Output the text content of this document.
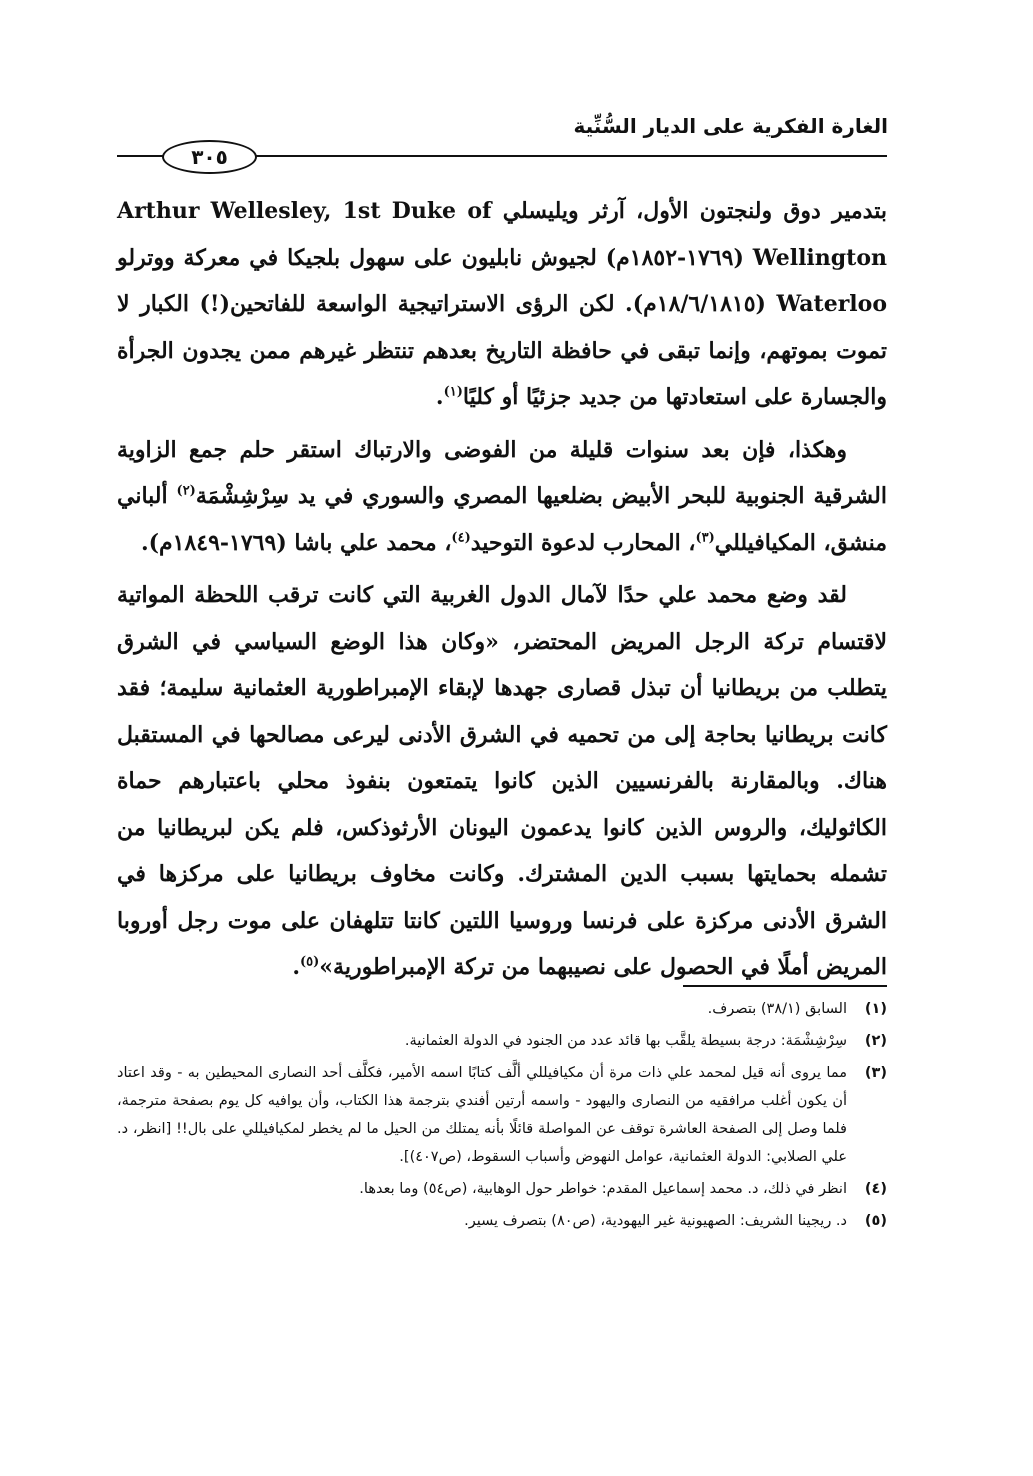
الغارة الفكرية على الديار السُّنِّية
٣٠٥

بتدمير دوق ولنجتون الأول، آرثر ويليسلي Arthur Wellesley, 1st Duke of Wellington (١٧٦٩-١٨٥٢م) لجيوش نابليون على سهول بلجيكا في معركة ووترلو Waterloo (١٨/٦/١٨١٥م). لكن الرؤى الاستراتيجية الواسعة للفاتحين(!) الكبار لا تموت بموتهم، وإنما تبقى في حافظة التاريخ بعدهم تنتظر غيرهم ممن يجدون الجرأة والجسارة على استعادتها من جديد جزئيًا أو كليًا$^{(١)}$.

وهكذا، فإن بعد سنوات قليلة من الفوضى والارتباك استقر حلم جمع الزاوية الشرقية الجنوبية للبحر الأبيض بضلعيها المصري والسوري في يد سِرْشِشْمَة$^{(٢)}$ ألباني منشق، المكيافيللي$^{(٣)}$، المحارب لدعوة التوحيد$^{(٤)}$، محمد علي باشا (١٧٦٩-١٨٤٩م).

لقد وضع محمد علي حدًا لآمال الدول الغربية التي كانت ترقب اللحظة المواتية لاقتسام تركة الرجل المريض المحتضر، «وكان هذا الوضع السياسي في الشرق يتطلب من بريطانيا أن تبذل قصارى جهدها لإبقاء الإمبراطورية العثمانية سليمة؛ فقد كانت بريطانيا بحاجة إلى من تحميه في الشرق الأدنى ليرعى مصالحها في المستقبل هناك. وبالمقارنة بالفرنسيين الذين كانوا يتمتعون بنفوذ محلي باعتبارهم حماة الكاثوليك، والروس الذين كانوا يدعمون اليونان الأرثوذكس، فلم يكن لبريطانيا من تشمله بحمايتها بسبب الدين المشترك. وكانت مخاوف بريطانيا على مركزها في الشرق الأدنى مركزة على فرنسا وروسيا اللتين كانتا تتلهفان على موت رجل أوروبا المريض أملًا في الحصول على نصيبهما من تركة الإمبراطورية»$^{(٥)}$.

(١)
السابق (٣٨/١) بتصرف.
(٢)
سِرْشِشْمَة: درجة بسيطة يلقَّب بها قائد عدد من الجنود في الدولة العثمانية.
(٣)
مما يروى أنه قيل لمحمد علي ذات مرة أن مكيافيللي ألَّف كتابًا اسمه الأمير، فكلَّف أحد النصارى المحيطين به - وقد اعتاد أن يكون أغلب مرافقيه من النصارى واليهود - واسمه أرتين أفندي بترجمة هذا الكتاب، وأن يوافيه كل يوم بصفحة مترجمة، فلما وصل إلى الصفحة العاشرة توقف عن المواصلة قائلًا بأنه يمتلك من الحيل ما لم يخطر لمكيافيللي على بال!! [انظر، د. علي الصلابي: الدولة العثمانية، عوامل النهوض وأسباب السقوط، (ص٤٠٧)].
(٤)
انظر في ذلك، د. محمد إسماعيل المقدم: خواطر حول الوهابية، (ص٥٤) وما بعدها.
(٥)
د. ريجينا الشريف: الصهيونية غير اليهودية، (ص٨٠) بتصرف يسير.
